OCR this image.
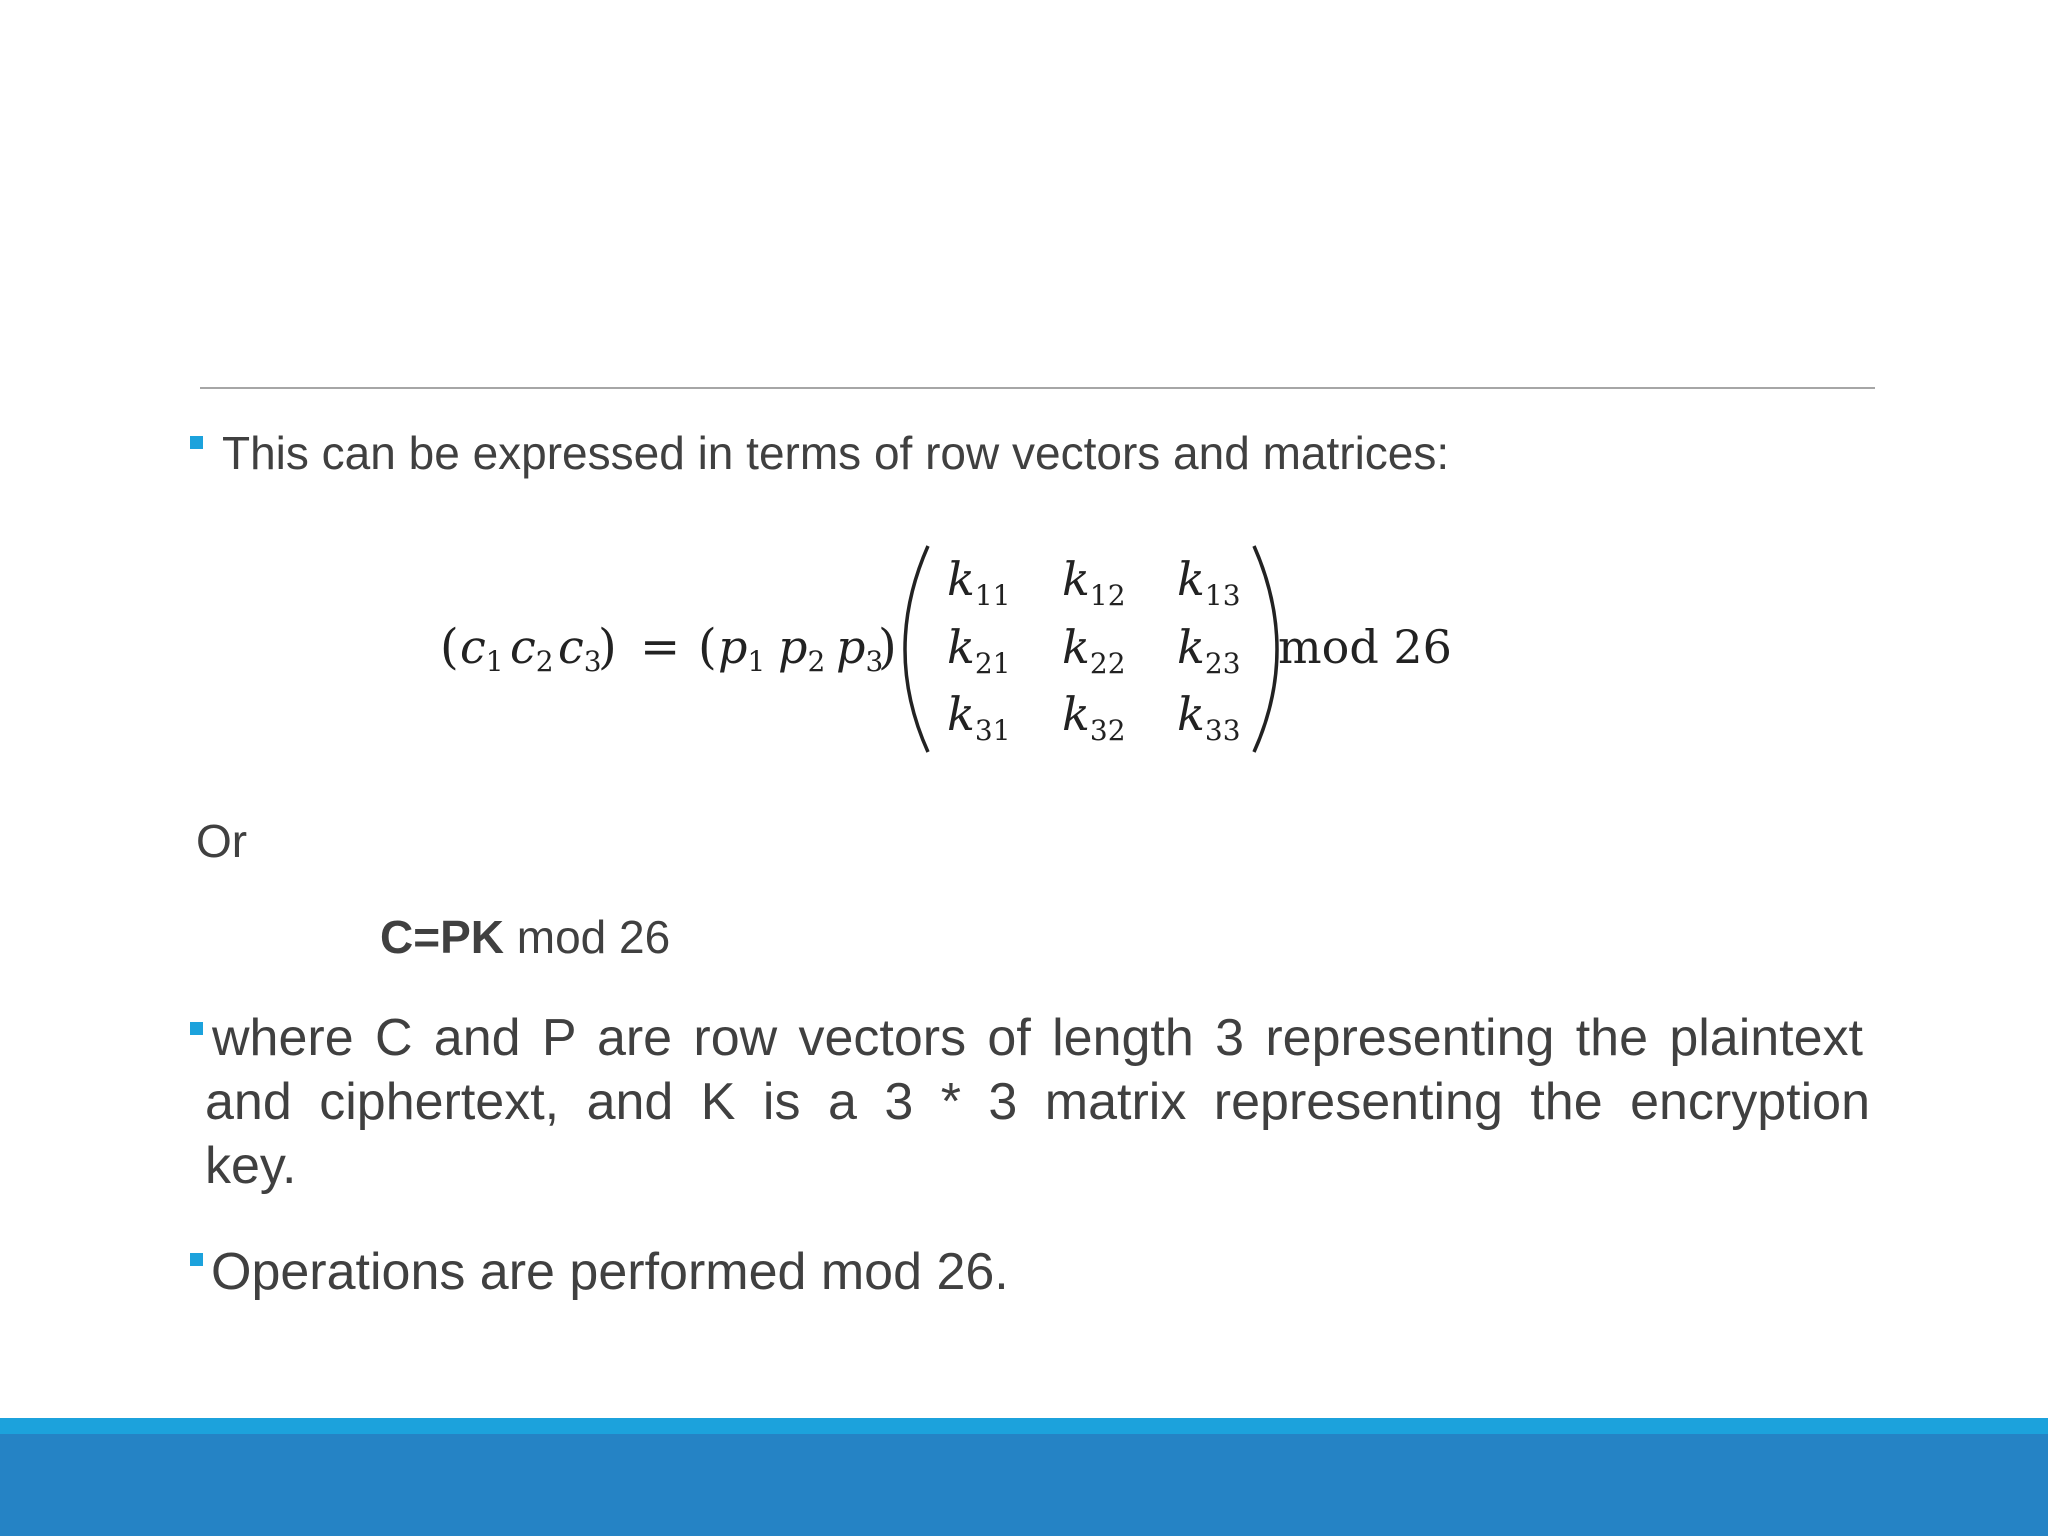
This can be expressed in terms of row vectors and matrices:
( c1 c2 c3
) = ( p1 p2 p3
)
$k_{11}$ $k_{12}$ $k_{13}$
$k_{21}$ $k_{22}$ $k_{23}$
$k_{31}$ $k_{32}$ $k_{33}$
mod 26
Or
C=PK mod 26
where C and P are row vectors of length 3 representing the plaintext
and ciphertext, and K is a 3 * 3 matrix representing the encryption
key.
Operations are performed mod 26.
